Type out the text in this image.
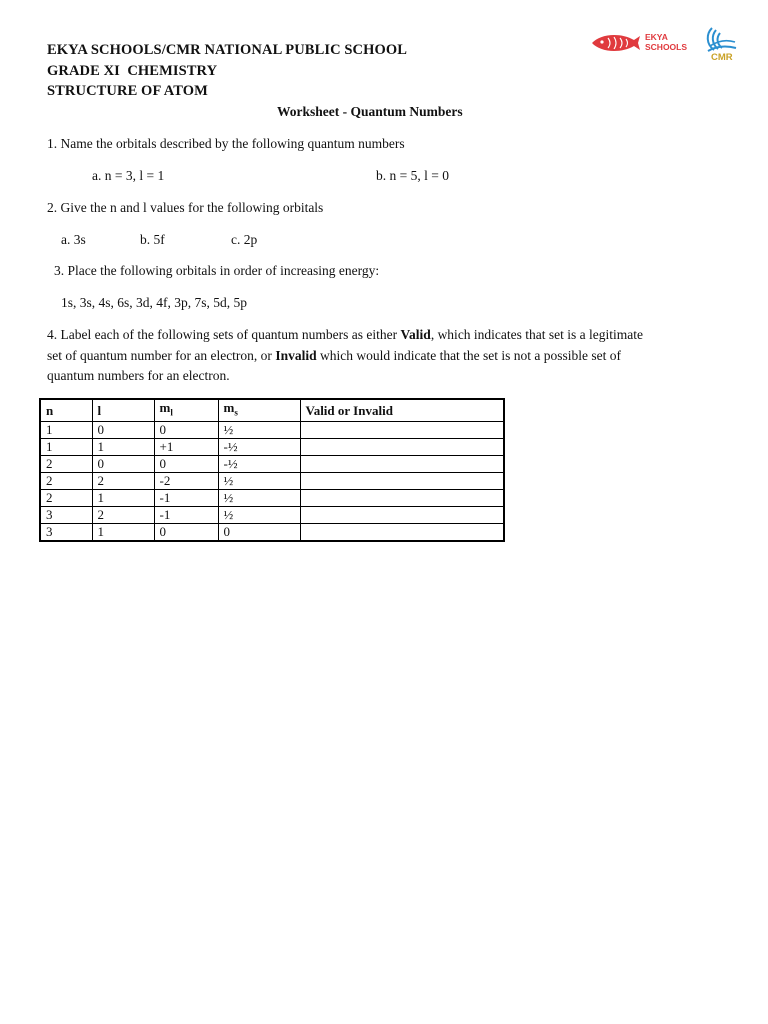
EKYA
SCHOOLS
CMR
EKYA SCHOOLS/CMR NATIONAL PUBLIC SCHOOL
GRADE XI  CHEMISTRY
STRUCTURE OF ATOM
Worksheet - Quantum Numbers
1. Name the orbitals described by the following quantum numbers
a. n = 3, l = 1	b. n = 5, l = 0
2. Give the n and l values for the following orbitals
a. 3s	b. 5f	c. 2p
3. Place the following orbitals in order of increasing energy:
1s, 3s, 4s, 6s, 3d, 4f, 3p, 7s, 5d, 5p
4. Label each of the following sets of quantum numbers as either Valid, which indicates that set is a legitimate
set of quantum number for an electron, or Invalid which would indicate that the set is not a possible set of
quantum numbers for an electron.
n	l	$m_l$	$m_s$	Valid or Invalid
1	0	0	½	
1	1	+1	-½	
2	0	0	-½	
2	2	-2	½	
2	1	-1	½	
3	2	-1	½	
3	1	0	0	
